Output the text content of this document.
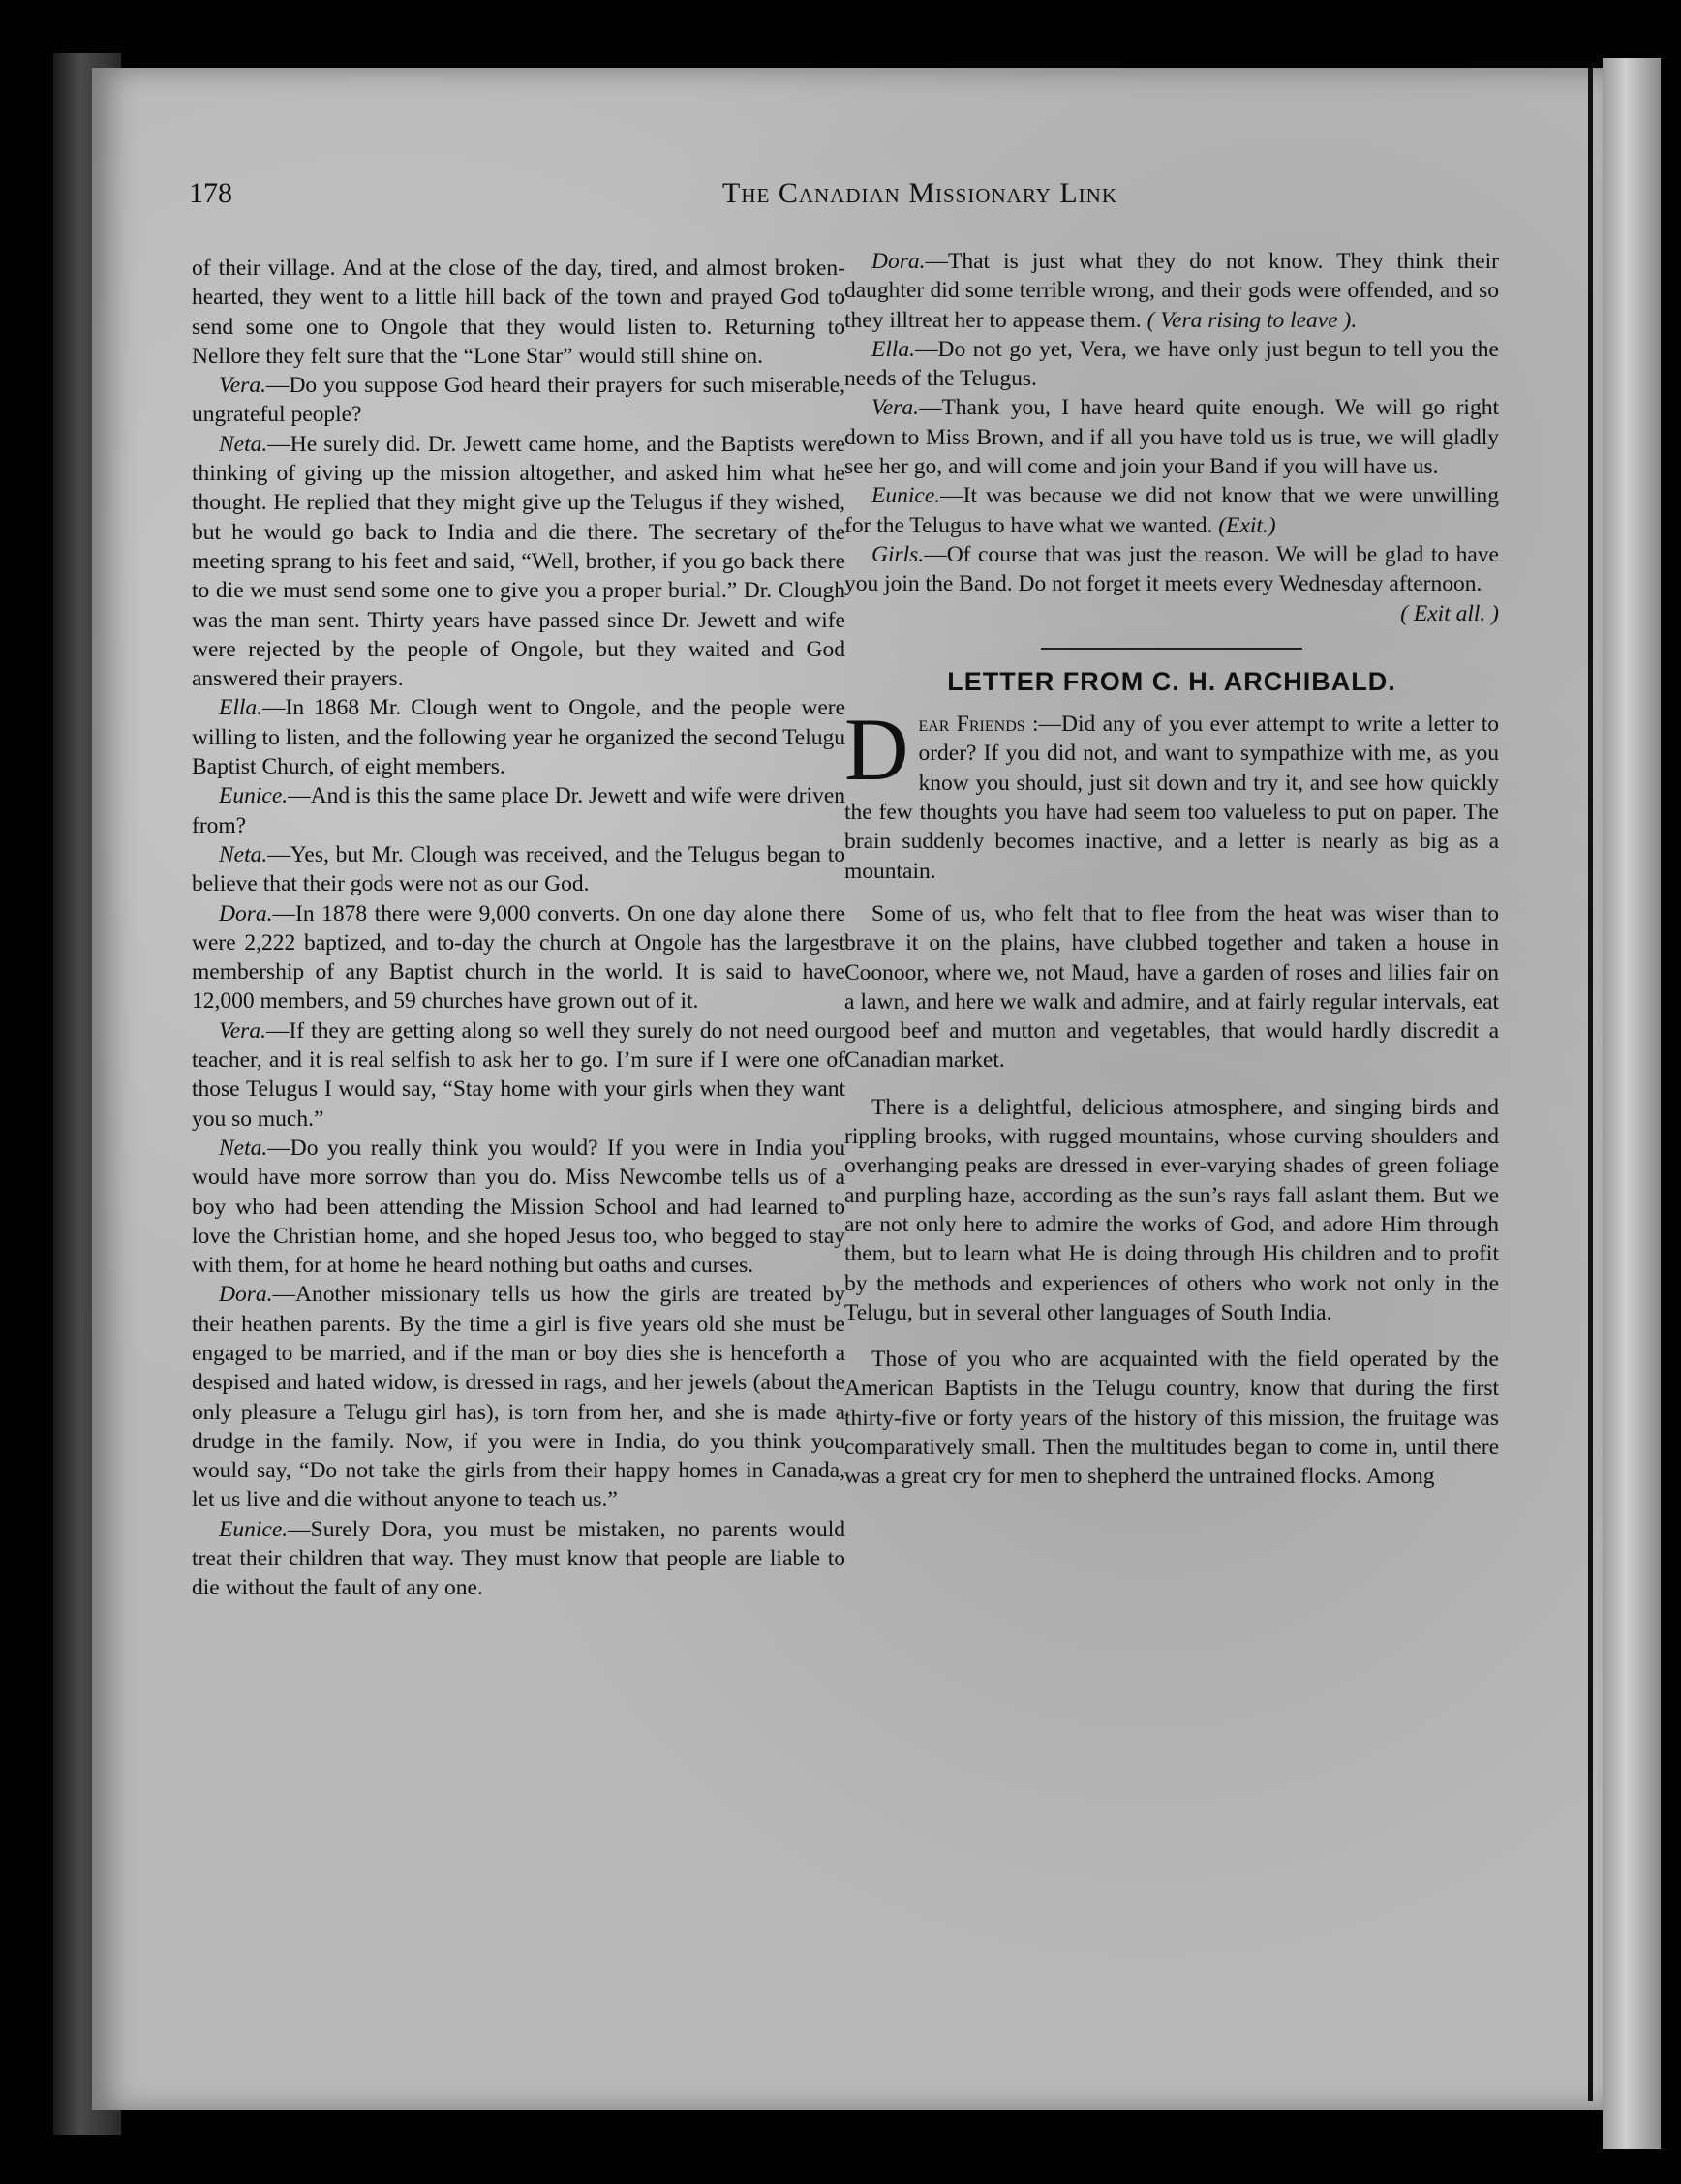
178	The Canadian Missionary Link

of their village. And at the close of the day, tired, and almost broken-hearted, they went to a little hill back of the town and prayed God to send some one to Ongole that they would listen to. Returning to Nellore they felt sure that the “Lone Star” would still shine on.

Vera.—Do you suppose God heard their prayers for such miserable, ungrateful people?

Neta.—He surely did. Dr. Jewett came home, and the Baptists were thinking of giving up the mission altogether, and asked him what he thought. He replied that they might give up the Telugus if they wished, but he would go back to India and die there. The secretary of the meeting sprang to his feet and said, “Well, brother, if you go back there to die we must send some one to give you a proper burial.” Dr. Clough was the man sent. Thirty years have passed since Dr. Jewett and wife were rejected by the people of Ongole, but they waited and God answered their prayers.

Ella.—In 1868 Mr. Clough went to Ongole, and the people were willing to listen, and the following year he organized the second Telugu Baptist Church, of eight members.

Eunice.—And is this the same place Dr. Jewett and wife were driven from?

Neta.—Yes, but Mr. Clough was received, and the Telugus began to believe that their gods were not as our God.

Dora.—In 1878 there were 9,000 converts. On one day alone there were 2,222 baptized, and to-day the church at Ongole has the largest membership of any Baptist church in the world. It is said to have 12,000 members, and 59 churches have grown out of it.

Vera.—If they are getting along so well they surely do not need our teacher, and it is real selfish to ask her to go. I’m sure if I were one of those Telugus I would say, “Stay home with your girls when they want you so much.”

Neta.—Do you really think you would? If you were in India you would have more sorrow than you do. Miss Newcombe tells us of a boy who had been attending the Mission School and had learned to love the Christian home, and she hoped Jesus too, who begged to stay with them, for at home he heard nothing but oaths and curses.

Dora.—Another missionary tells us how the girls are treated by their heathen parents. By the time a girl is five years old she must be engaged to be married, and if the man or boy dies she is henceforth a despised and hated widow, is dressed in rags, and her jewels (about the only pleasure a Telugu girl has), is torn from her, and she is made a drudge in the family. Now, if you were in India, do you think you would say, “Do not take the girls from their happy homes in Canada, let us live and die without anyone to teach us.”

Eunice.—Surely Dora, you must be mistaken, no parents would treat their children that way. They must know that people are liable to die without the fault of any one.

Dora.—That is just what they do not know. They think their daughter did some terrible wrong, and their gods were offended, and so they illtreat her to appease them. ( Vera rising to leave ).

Ella.—Do not go yet, Vera, we have only just begun to tell you the needs of the Telugus.

Vera.—Thank you, I have heard quite enough. We will go right down to Miss Brown, and if all you have told us is true, we will gladly see her go, and will come and join your Band if you will have us.

Eunice.—It was because we did not know that we were unwilling for the Telugus to have what we wanted. (Exit.)

Girls.—Of course that was just the reason. We will be glad to have you join the Band. Do not forget it meets every Wednesday afternoon.

( Exit all. )

LETTER FROM C. H. ARCHIBALD.

Dear Friends :—Did any of you ever attempt to write a letter to order? If you did not, and want to sympathize with me, as you know you should, just sit down and try it, and see how quickly the few thoughts you have had seem too valueless to put on paper. The brain suddenly becomes inactive, and a letter is nearly as big as a mountain.

Some of us, who felt that to flee from the heat was wiser than to brave it on the plains, have clubbed together and taken a house in Coonoor, where we, not Maud, have a garden of roses and lilies fair on a lawn, and here we walk and admire, and at fairly regular intervals, eat good beef and mutton and vegetables, that would hardly discredit a Canadian market.

There is a delightful, delicious atmosphere, and singing birds and rippling brooks, with rugged mountains, whose curving shoulders and overhanging peaks are dressed in ever-varying shades of green foliage and purpling haze, according as the sun’s rays fall aslant them. But we are not only here to admire the works of God, and adore Him through them, but to learn what He is doing through His children and to profit by the methods and experiences of others who work not only in the Telugu, but in several other languages of South India.

Those of you who are acquainted with the field operated by the American Baptists in the Telugu country, know that during the first thirty-five or forty years of the history of this mission, the fruitage was comparatively small. Then the multitudes began to come in, until there was a great cry for men to shepherd the untrained flocks. Among
